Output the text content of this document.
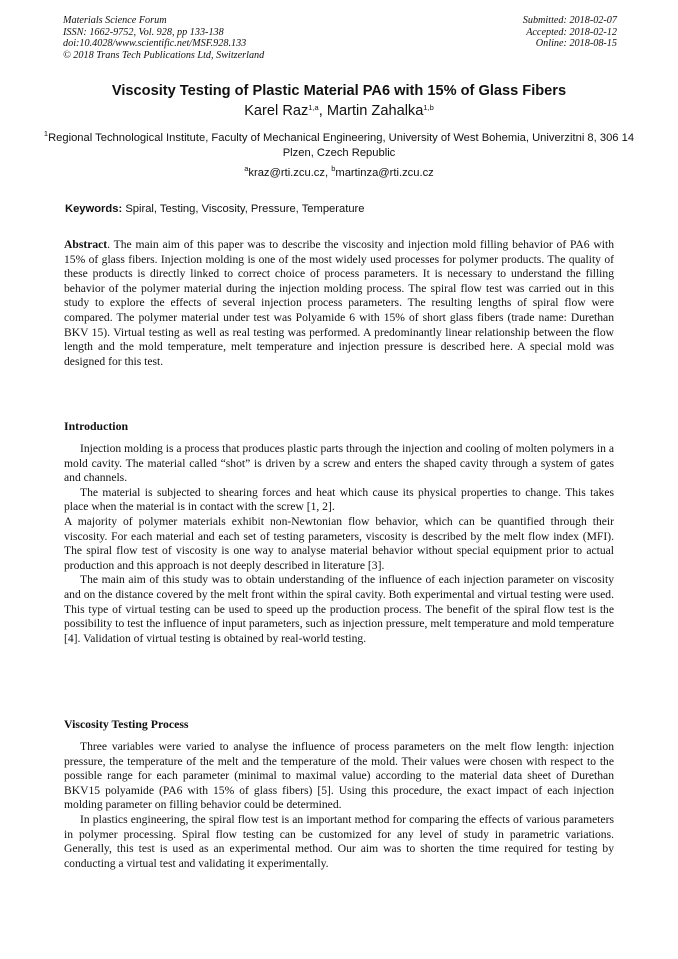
Materials Science Forum
ISSN: 1662-9752, Vol. 928, pp 133-138
doi:10.4028/www.scientific.net/MSF.928.133
© 2018 Trans Tech Publications Ltd, Switzerland
Submitted: 2018-02-07
Accepted: 2018-02-12
Online: 2018-08-15
Viscosity Testing of Plastic Material PA6 with 15% of Glass Fibers
Karel Raz$^{1,a}$, Martin Zahalka$^{1,b}$
$^1$Regional Technological Institute, Faculty of Mechanical Engineering, University of West Bohemia, Univerzitni 8, 306 14 Plzen, Czech Republic
$^a$kraz@rti.zcu.cz, $^b$martinza@rti.zcu.cz
Keywords: Spiral, Testing, Viscosity, Pressure, Temperature

Abstract. The main aim of this paper was to describe the viscosity and injection mold filling behavior of PA6 with 15% of glass fibers. Injection molding is one of the most widely used processes for polymer products. The quality of these products is directly linked to correct choice of process parameters. It is necessary to understand the filling behavior of the polymer material during the injection molding process. The spiral flow test was carried out in this study to explore the effects of several injection process parameters. The resulting lengths of spiral flow were compared. The polymer material under test was Polyamide 6 with 15% of short glass fibers (trade name: Durethan BKV 15). Virtual testing as well as real testing was performed. A predominantly linear relationship between the flow length and the mold temperature, melt temperature and injection pressure is described here. A special mold was designed for this test.

Introduction

Injection molding is a process that produces plastic parts through the injection and cooling of molten polymers in a mold cavity. The material called “shot” is driven by a screw and enters the shaped cavity through a system of gates and channels.

The material is subjected to shearing forces and heat which cause its physical properties to change. This takes place when the material is in contact with the screw [1, 2].

A majority of polymer materials exhibit non-Newtonian flow behavior, which can be quantified through their viscosity. For each material and each set of testing parameters, viscosity is described by the melt flow index (MFI). The spiral flow test of viscosity is one way to analyse material behavior without special equipment prior to actual production and this approach is not deeply described in literature [3].

The main aim of this study was to obtain understanding of the influence of each injection parameter on viscosity and on the distance covered by the melt front within the spiral cavity. Both experimental and virtual testing were used. This type of virtual testing can be used to speed up the production process. The benefit of the spiral flow test is the possibility to test the influence of input parameters, such as injection pressure, melt temperature and mold temperature [4]. Validation of virtual testing is obtained by real-world testing.

Viscosity Testing Process

Three variables were varied to analyse the influence of process parameters on the melt flow length: injection pressure, the temperature of the melt and the temperature of the mold. Their values were chosen with respect to the possible range for each parameter (minimal to maximal value) according to the material data sheet of Durethan BKV15 polyamide (PA6 with 15% of glass fibers) [5]. Using this procedure, the exact impact of each injection molding parameter on filling behavior could be determined.

In plastics engineering, the spiral flow test is an important method for comparing the effects of various parameters in polymer processing. Spiral flow testing can be customized for any level of study in parametric variations. Generally, this test is used as an experimental method. Our aim was to shorten the time required for testing by conducting a virtual test and validating it experimentally.
